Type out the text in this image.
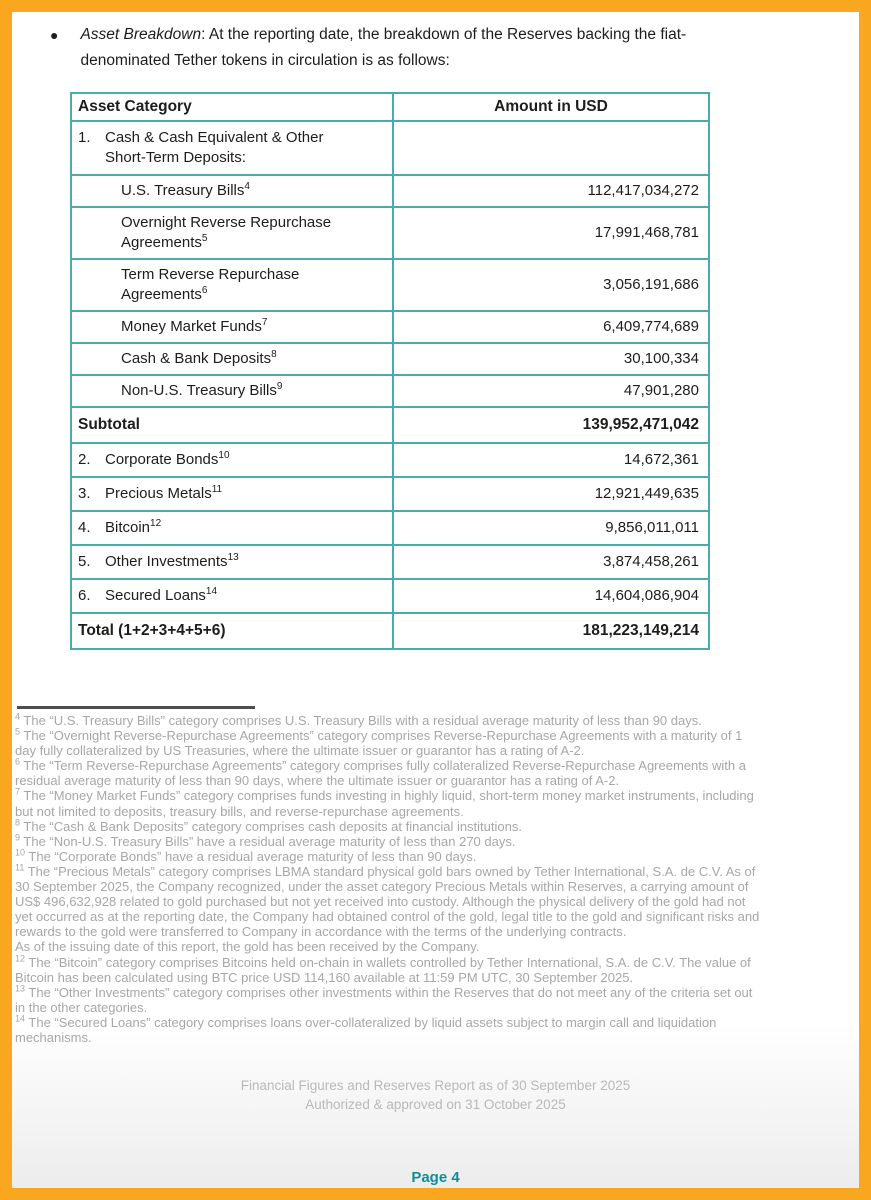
● Asset Breakdown: At the reporting date, the breakdown of the Reserves backing the fiat-denominated Tether tokens in circulation is as follows:
Asset Category	Amount in USD

1. Cash & Cash Equivalent & Other Short-Term Deposits:	

U.S. Treasury Bills$^4$	112,417,034,272
Overnight Reverse Repurchase Agreements$^5$	17,991,468,781
Term Reverse Repurchase Agreements$^6$	3,056,191,686
Money Market Funds$^7$	6,409,774,689
Cash & Bank Deposits$^8$	30,100,334
Non-U.S. Treasury Bills$^9$	47,901,280
Subtotal	139,952,471,042

2. Corporate Bonds$^{10}$	14,672,361

3. Precious Metals$^{11}$	12,921,449,635

4. Bitcoin$^{12}$	9,856,011,011

5. Other Investments$^{13}$	3,874,458,261

6. Secured Loans$^{14}$	14,604,086,904
Total (1+2+3+4+5+6)	181,223,149,214
$^4$ The “U.S. Treasury Bills” category comprises U.S. Treasury Bills with a residual average maturity of less than 90 days.
$^5$ The “Overnight Reverse-Repurchase Agreements” category comprises Reverse-Repurchase Agreements with a maturity of 1 day fully collateralized by US Treasuries, where the ultimate issuer or guarantor has a rating of A-2.
$^6$ The “Term Reverse-Repurchase Agreements” category comprises fully collateralized Reverse-Repurchase Agreements with a residual average maturity of less than 90 days, where the ultimate issuer or guarantor has a rating of A-2.
$^7$ The “Money Market Funds” category comprises funds investing in highly liquid, short-term money market instruments, including but not limited to deposits, treasury bills, and reverse-repurchase agreements.
$^8$ The “Cash & Bank Deposits” category comprises cash deposits at financial institutions.
$^9$ The “Non-U.S. Treasury Bills” have a residual average maturity of less than 270 days.
$^{10}$ The “Corporate Bonds” have a residual average maturity of less than 90 days.
$^{11}$ The “Precious Metals” category comprises LBMA standard physical gold bars owned by Tether International, S.A. de C.V. As of 30 September 2025, the Company recognized, under the asset category Precious Metals within Reserves, a carrying amount of US$ 496,632,928 related to gold purchased but not yet received into custody. Although the physical delivery of the gold had not yet occurred as at the reporting date, the Company had obtained control of the gold, legal title to the gold and significant risks and rewards to the gold were transferred to Company in accordance with the terms of the underlying contracts.
As of the issuing date of this report, the gold has been received by the Company.
$^{12}$ The “Bitcoin” category comprises Bitcoins held on-chain in wallets controlled by Tether International, S.A. de C.V. The value of Bitcoin has been calculated using BTC price USD 114,160 available at 11:59 PM UTC, 30 September 2025.
$^{13}$ The “Other Investments” category comprises other investments within the Reserves that do not meet any of the criteria set out in the other categories.
$^{14}$ The “Secured Loans” category comprises loans over-collateralized by liquid assets subject to margin call and liquidation mechanisms.
Financial Figures and Reserves Report as of 30 September 2025
Authorized & approved on 31 October 2025
Page 4
